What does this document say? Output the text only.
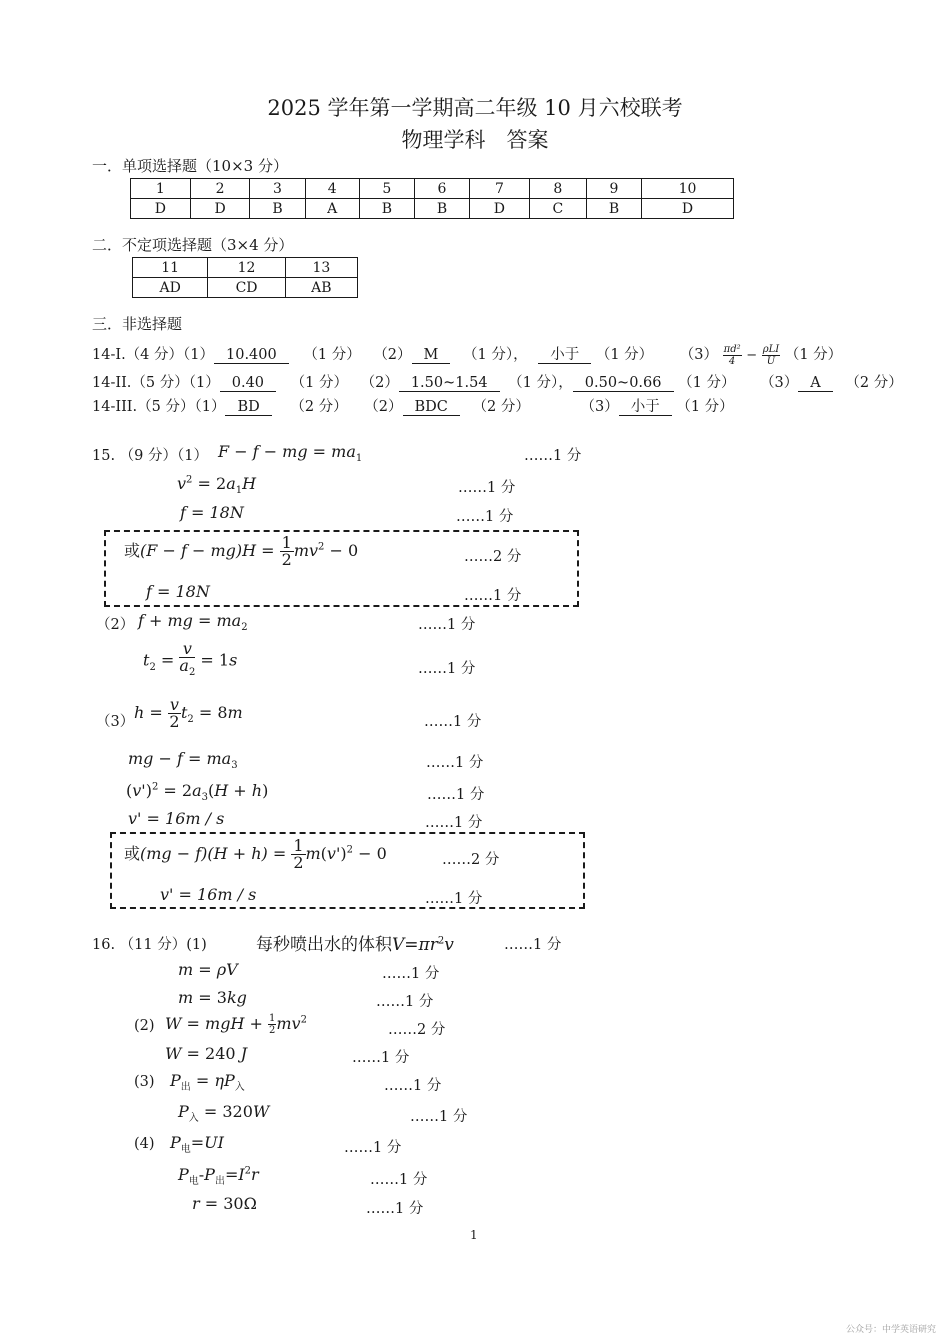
2025 学年第一学期高二年级 10 月六校联考
物理学科　答案
一．单项选择题（10×3 分）
1	2	3	4	5	6	7	8	9	10
D	D	B	A	B	B	D	C	B	D
二．不定项选择题（3×4 分）
11	12	13
AD	CD	AB
三．非选择题
14-I.（4 分）（1） 10.400 （1 分） （2） M （1 分）， 小于 （1 分） $(3) \frac{\text{πd²}}{4} - \rho LI$
U （1 分）
14-II.（5 分）（1） 0.40 （1 分） （2） 1.50~1.54 （1 分）， 0.50~0.66 （1 分） （3） A （2 分）
14-III.（5 分）（1） BD （2 分） （2） BDC （2 分）	（3） 小于 （1 分）
15. （9 分）（1） F − f − mg = $ma_1$	……1 分
$v^2 = 2a_1H$	……1 分
f = 18N	……1 分
或$(F - f - mg)H = \frac{1}{2} mv^2 - 0$	……2 分
f = 18N	……1 分
（2） f + mg = $ma_2$	……1 分
$t_2 = \frac{v}{a_2} = 1s$	……1 分
（3） $h = \frac{v}{2} t_2 = 8m$	……1 分
mg − $f = ma_3$	……1 分
$(v')^2 = 2a_3(H + h)$	……1 分
v' = 16m / s	……1 分
或$(mg - f)(H + h) = \frac{1}{2} m(v')^2 - 0$	……2 分
v' = 16m / s	……1 分
16. （11 分）(1)	每秒喷出水的体积$V=\pi r^2v$	……1 分
m = ρV	……1 分
m = 3kg	……1 分
(2) W = mgH + $\frac{1}{2} mv^2$
……2 分
W = 240 J	……1 分
(3) $P_出 = \eta P_入$	……1 分
$P_入 = 320W$	……1 分
(4) $P_电=UI$	……1 分
$P_电-P_出=I^2r$	……1 分
r = 30Ω	……1 分
1
公众号：中学英语研究
